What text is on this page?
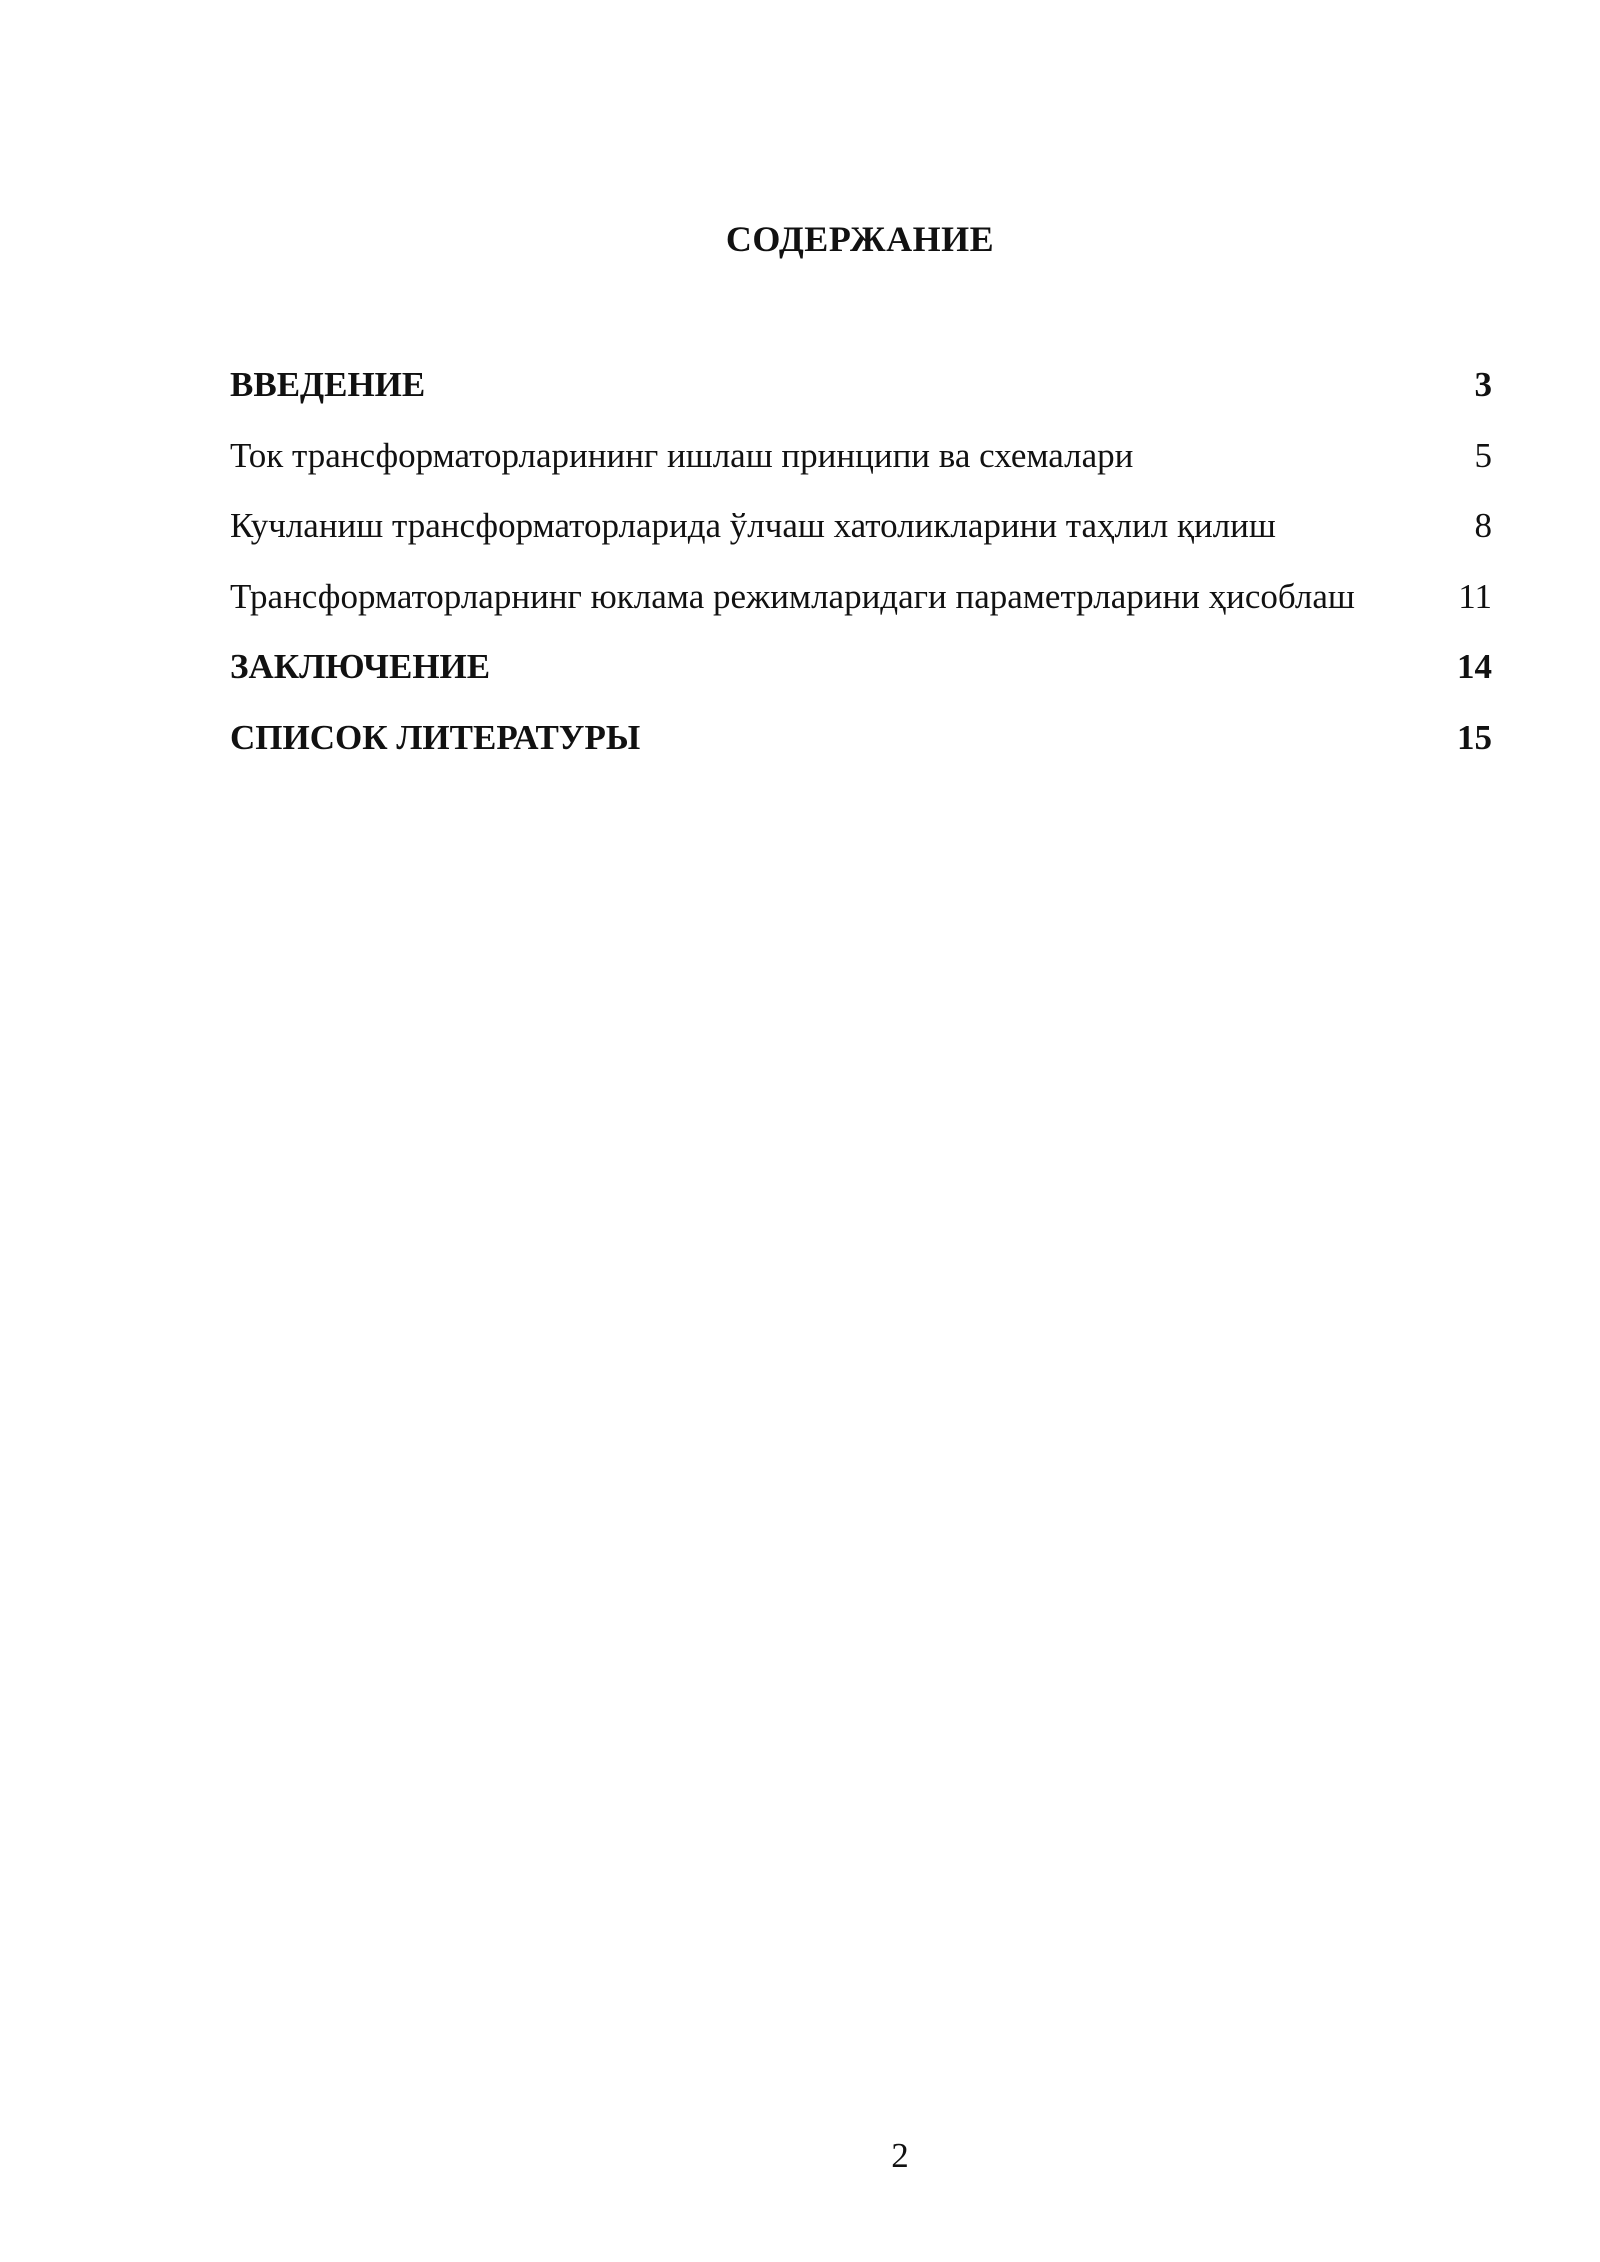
СОДЕРЖАНИЕ
ВВЕДЕНИЕ	3
Ток трансформаторларининг ишлаш принципи ва схемалари	5
Кучланиш трансформаторларида ўлчаш хатоликларини таҳлил қилиш	8
Трансформаторларнинг юклама режимларидаги параметрларини ҳисоблаш	11
ЗАКЛЮЧЕНИЕ	14
СПИСОК ЛИТЕРАТУРЫ	15
2
